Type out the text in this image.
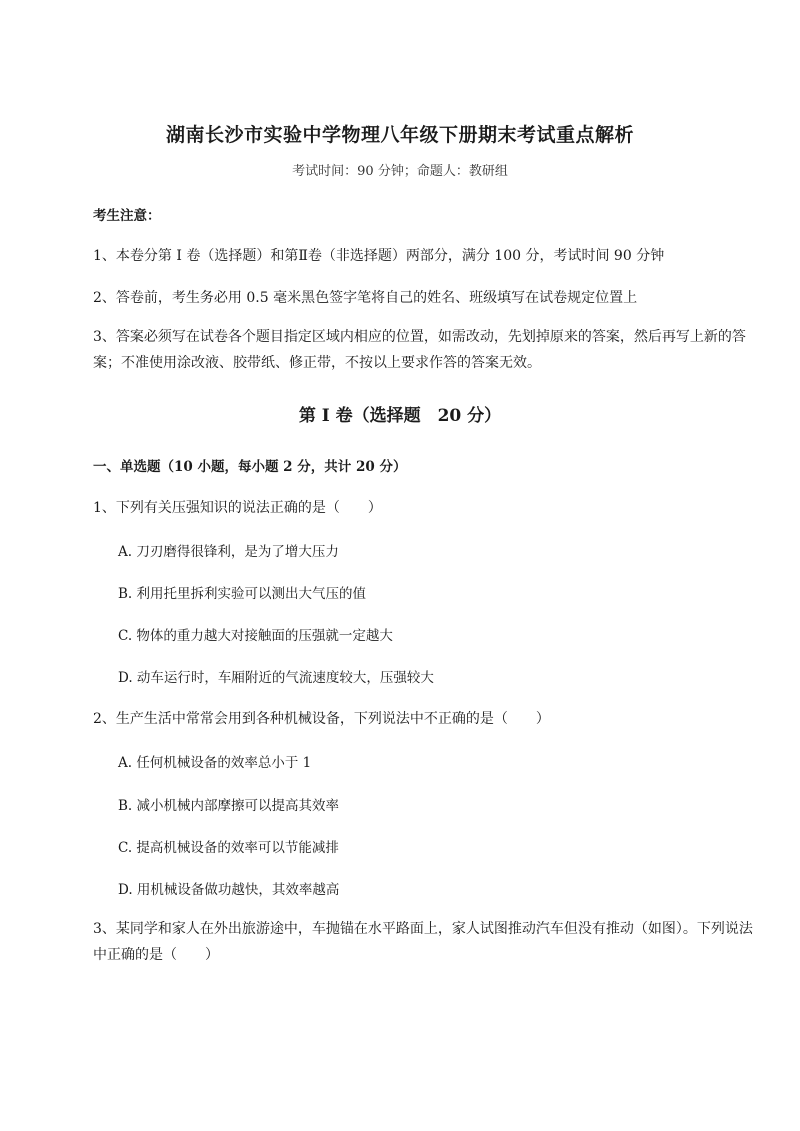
湖南长沙市实验中学物理八年级下册期末考试重点解析
考试时间：90 分钟；命题人：教研组
考生注意：
1、本卷分第 I 卷（选择题）和第Ⅱ卷（非选择题）两部分，满分 100 分，考试时间 90 分钟
2、答卷前，考生务必用 0.5 毫米黑色签字笔将自己的姓名、班级填写在试卷规定位置上
3、答案必须写在试卷各个题目指定区域内相应的位置，如需改动，先划掉原来的答案，然后再写上新的答案；不准使用涂改液、胶带纸、修正带，不按以上要求作答的答案无效。
第 I 卷（选择题　20 分）
一、单选题（10 小题，每小题 2 分，共计 20 分）
1、下列有关压强知识的说法正确的是（　　）
A. 刀刃磨得很锋利，是为了增大压力
B. 利用托里拆利实验可以测出大气压的值
C. 物体的重力越大对接触面的压强就一定越大
D. 动车运行时，车厢附近的气流速度较大，压强较大
2、生产生活中常常会用到各种机械设备，下列说法中不正确的是（　　）
A. 任何机械设备的效率总小于 1
B. 减小机械内部摩擦可以提高其效率
C. 提高机械设备的效率可以节能减排
D. 用机械设备做功越快，其效率越高
3、某同学和家人在外出旅游途中，车抛锚在水平路面上，家人试图推动汽车但没有推动（如图）。下列说法中正确的是（　　）
